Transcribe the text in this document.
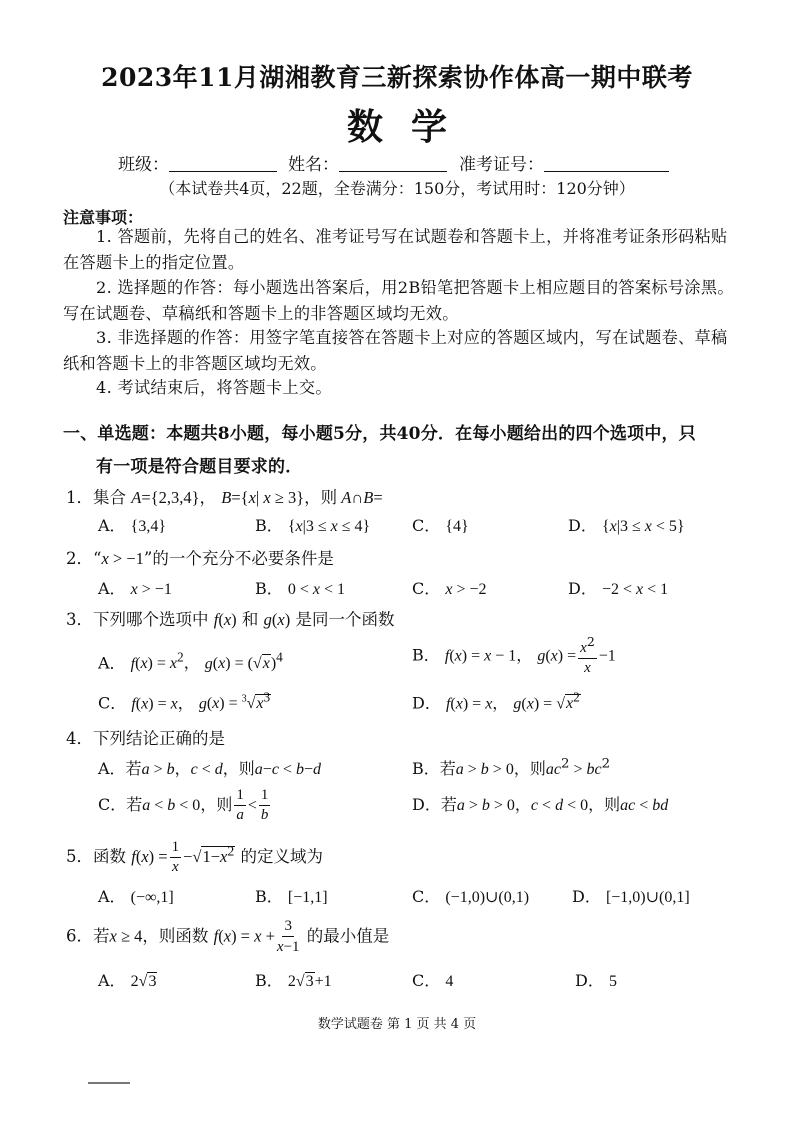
2023年11月湖湘教育三新探索协作体高一期中联考
数学
班级：	姓名：	准考证号：
（本试卷共4页，22题，全卷满分：150分，考试用时：120分钟）
注意事项：
1. 答题前，先将自己的姓名、准考证号写在试题卷和答题卡上，并将准考证条形码粘贴在答题卡上的指定位置。
2. 选择题的作答：每小题选出答案后，用2B铅笔把答题卡上相应题目的答案标号涂黑。写在试题卷、草稿纸和答题卡上的非答题区域均无效。
3. 非选择题的作答：用签字笔直接答在答题卡上对应的答题区域内，写在试题卷、草稿纸和答题卡上的非答题区域均无效。
4. 考试结束后，将答题卡上交。
一、单选题：本题共8小题，每小题5分，共40分．在每小题给出的四个选项中，只
有一项是符合题目要求的．
1．集合 A={2,3,4}， B={x| x ≥ 3}，则 A∩B=
A． {3,4}	B． {x|3 ≤ x ≤ 4}	C． {4}	D． {x|3 ≤ x < 5}
2．“x > −1”的一个充分不必要条件是
A． x > −1	B． 0 < x < 1	C． x > −2	D． −2 < x < 1
3．下列哪个选项中 f(x) 和 g(x) 是同一个函数
A． $f(x) = x^2$， $g(x) = (√x)^4$	B． f(x) = x − 1， $g(x) = \frac{x^2}{x} -1$
C． f(x) = x， $g(x) = ^3√x^3$	D． f(x) = x， $g(x) = √x^2$
4．下列结论正确的是
A．若a > b，c < d，则a−c < b−d	B．若a > b > 0，则$ac^2 > bc^2$
C．若a < b < 0，则 $\frac{1}{a} < \frac{1}{b}$	D．若a > b > 0，c < d < 0，则ac < bd
5．函数 $f(x) = \frac{1}{x} -√1-x^2$ 的定义域为
A． (−∞,1]	B． [−1,1]	C． (−1,0)∪(0,1)	D． [−1,0)∪(0,1]
6．若x ≥ 4，则函数 $f(x) = x + \frac{3}{x-1}$ 的最小值是
A． 2√3	B． 2√3+1	C． 4	D． 5
数学试题卷 第 1 页 共 4 页
